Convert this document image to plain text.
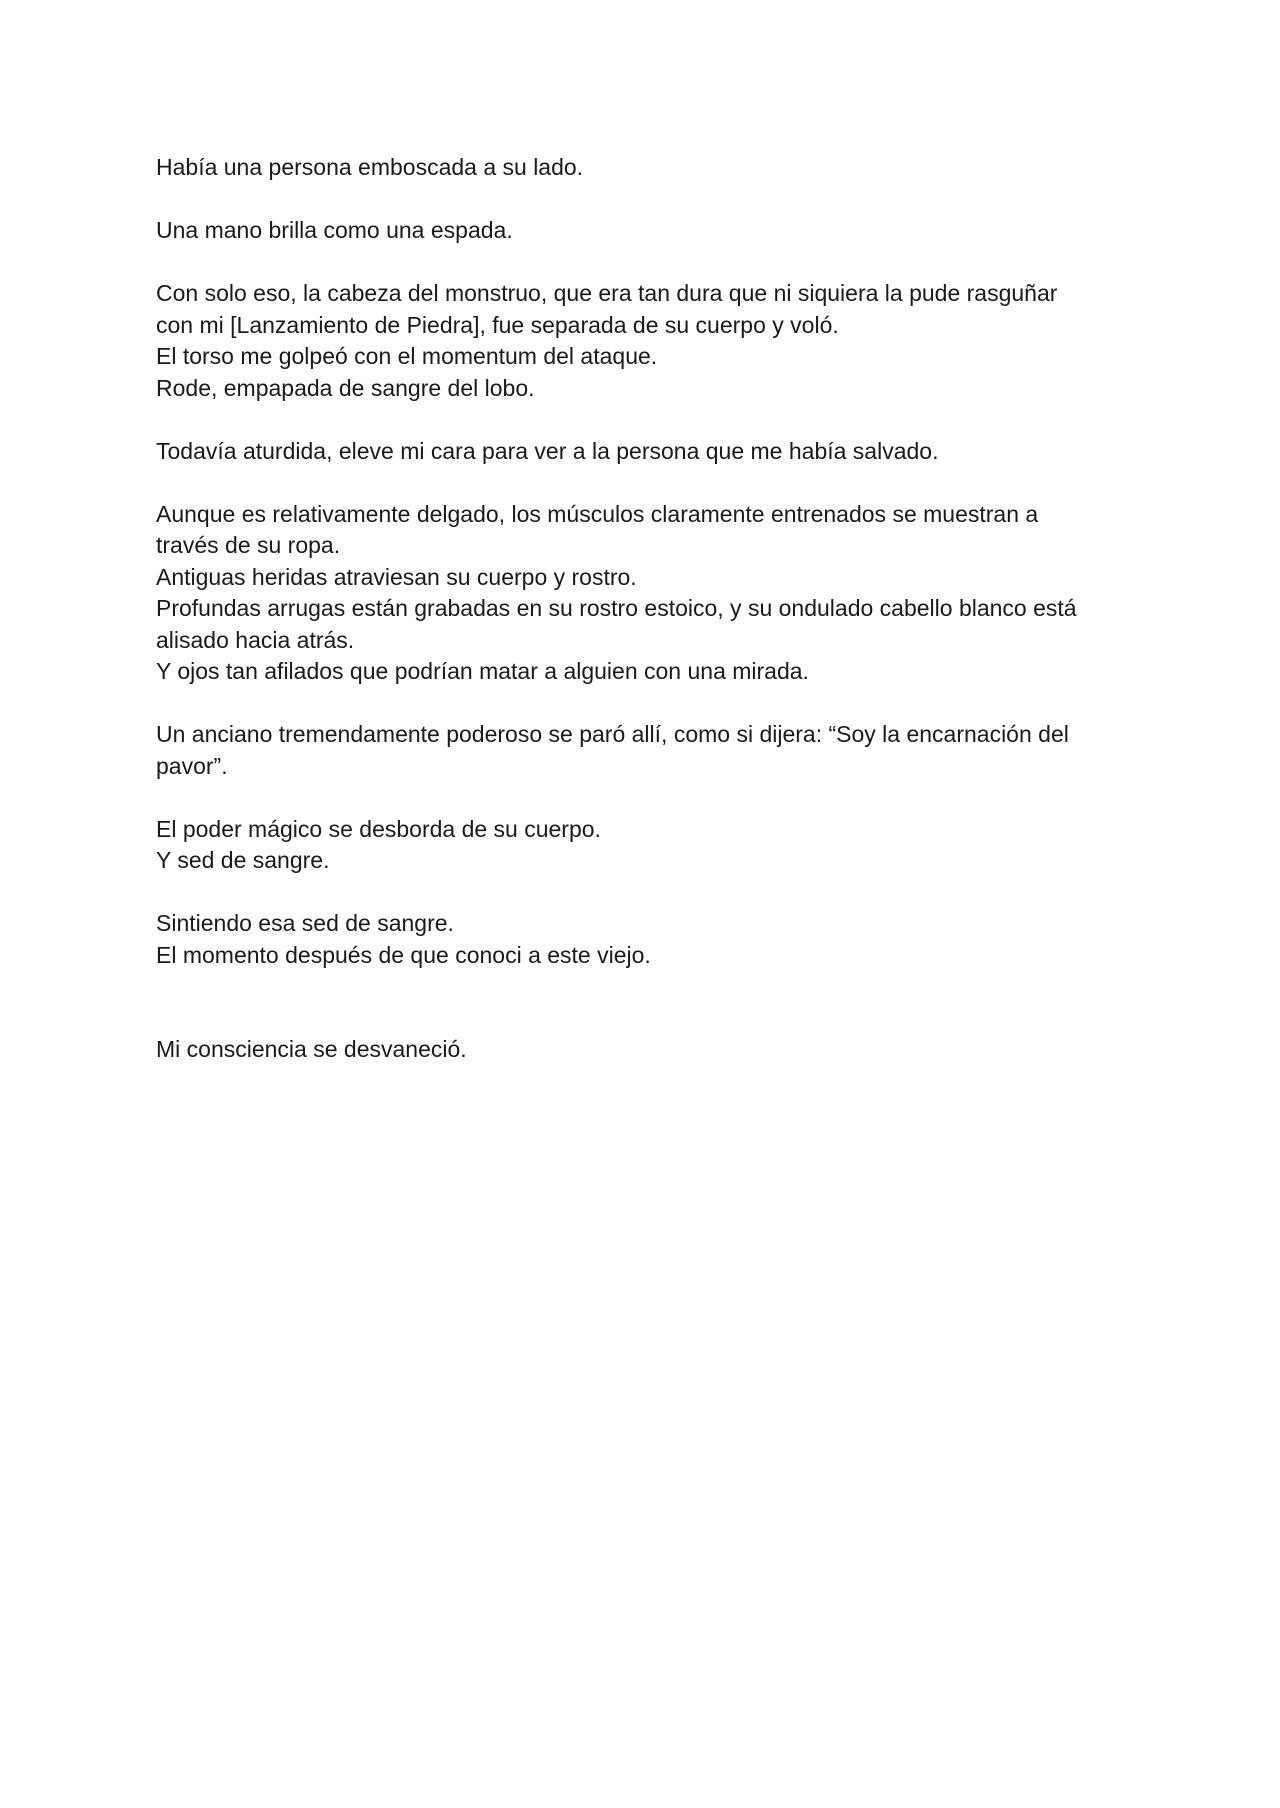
Había una persona emboscada a su lado.

Una mano brilla como una espada.

Con solo eso, la cabeza del monstruo, que era tan dura que ni siquiera la pude rasguñar
con mi [Lanzamiento de Piedra], fue separada de su cuerpo y voló.
El torso me golpeó con el momentum del ataque.
Rode, empapada de sangre del lobo.

Todavía aturdida, eleve mi cara para ver a la persona que me había salvado.

Aunque es relativamente delgado, los músculos claramente entrenados se muestran a
través de su ropa.
Antiguas heridas atraviesan su cuerpo y rostro.
Profundas arrugas están grabadas en su rostro estoico, y su ondulado cabello blanco está
alisado hacia atrás.
Y ojos tan afilados que podrían matar a alguien con una mirada.

Un anciano tremendamente poderoso se paró allí, como si dijera: “Soy la encarnación del
pavor”.

El poder mágico se desborda de su cuerpo.
Y sed de sangre.

Sintiendo esa sed de sangre.
El momento después de que conoci a este viejo.

Mi consciencia se desvaneció.
